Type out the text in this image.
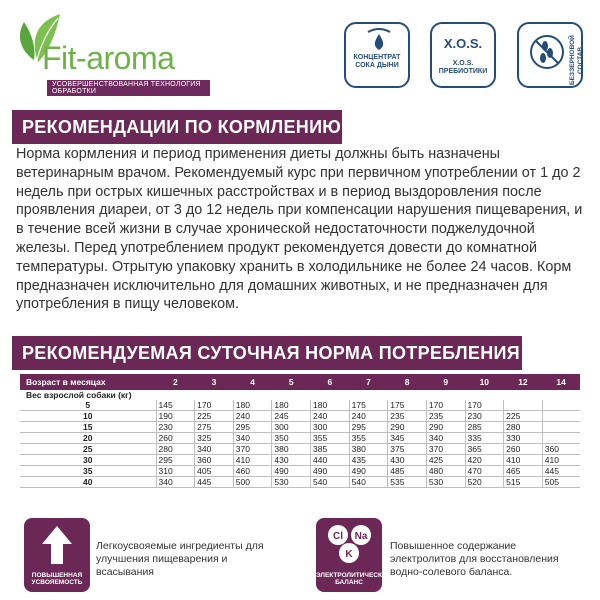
Fit-aroma
УСОВЕРШЕНСТВОВАННАЯ ТЕХНОЛОГИЯ ОБРАБОТКИ
КОНЦЕНТРАТ СОКА ДЫНИ
X.O.S.
X.O.S. ПРЕБИОТИКИ	БЕЗЗЕРНОВОЙ СОСТАВ
РЕКОМЕНДАЦИИ ПО КОРМЛЕНИЮ
Норма кормления и период применения диеты должны быть назначены ветеринарным врачом. Рекомендуемый курс при первичном употреблении от 1 до 2 недель при острых кишечных расстройствах и в период выздоровления после проявления диареи, от 3 до 12 недель при компенсации нарушения пищеварения, и в течение всей жизни в случае хронической недостаточности поджелудочной железы. Перед употреблением продукт рекомендуется довести до комнатной температуры. Отрытую упаковку хранить в холодильнике не более 24 часов. Корм предназначен исключительно для домашних животных, и не предназначен для употребления в пищу человеком.
РЕКОМЕНДУЕМАЯ СУТОЧНАЯ НОРМА ПОТРЕБЛЕНИЯ
Возраст в месяцах	2	3	4	5	6	7	8	9	10	12	14
Вес взрослой собаки (кг)											
5	145	170	180	180	180	175	175	170	170		
10	190	225	240	245	240	240	235	235	230	225	
15	230	275	295	300	300	295	290	290	285	280	
20	260	325	340	350	355	355	345	340	335	330	
25	280	340	370	380	385	380	375	370	365	260	360
30	295	360	410	430	440	435	430	425	420	410	410
35	310	405	460	490	490	490	485	480	470	465	445
40	340	445	500	530	540	540	535	530	520	515	505
ПОВЫШЕННАЯ УСВОЯЕМОСТЬ
Легкоусвояемые ингредиенты для улучшения пищеварения и всасывания
Cl Na
K
ЭЛЕКТРОЛИТИЧЕСКИЙ БАЛАНС
Повышенное содержание электролитов для восстановления водно-солевого баланса.
